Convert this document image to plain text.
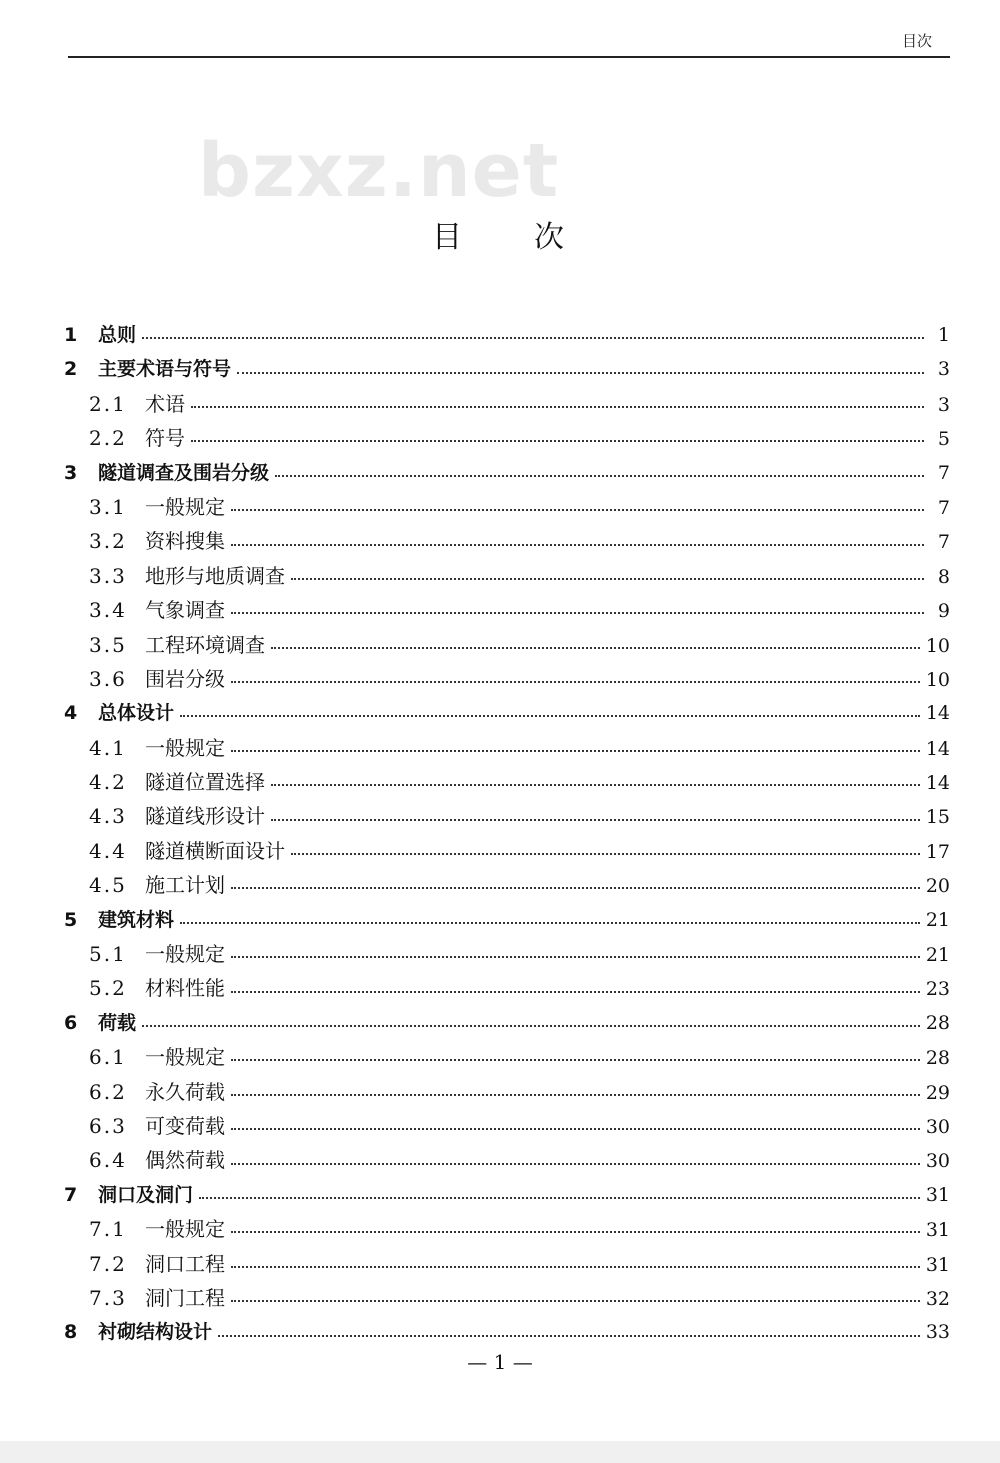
目次
bzxz.net
目　　次
1	总则	1
2	主要术语与符号	3
2.1 术语	3
2.2 符号	5
3	隧道调查及围岩分级	7
3.1 一般规定	7
3.2 资料搜集	7
3.3 地形与地质调查	8
3.4 气象调查	9
3.5 工程环境调查	10
3.6 围岩分级	10
4	总体设计	14
4.1 一般规定	14
4.2 隧道位置选择	14
4.3 隧道线形设计	15
4.4 隧道横断面设计	17
4.5 施工计划	20
5	建筑材料	21
5.1 一般规定	21
5.2 材料性能	23
6	荷载	28
6.1 一般规定	28
6.2 永久荷载	29
6.3 可变荷载	30
6.4 偶然荷载	30
7	洞口及洞门	31
7.1 一般规定	31
7.2 洞口工程	31
7.3 洞门工程	32
8	衬砌结构设计	33
— 1 —
